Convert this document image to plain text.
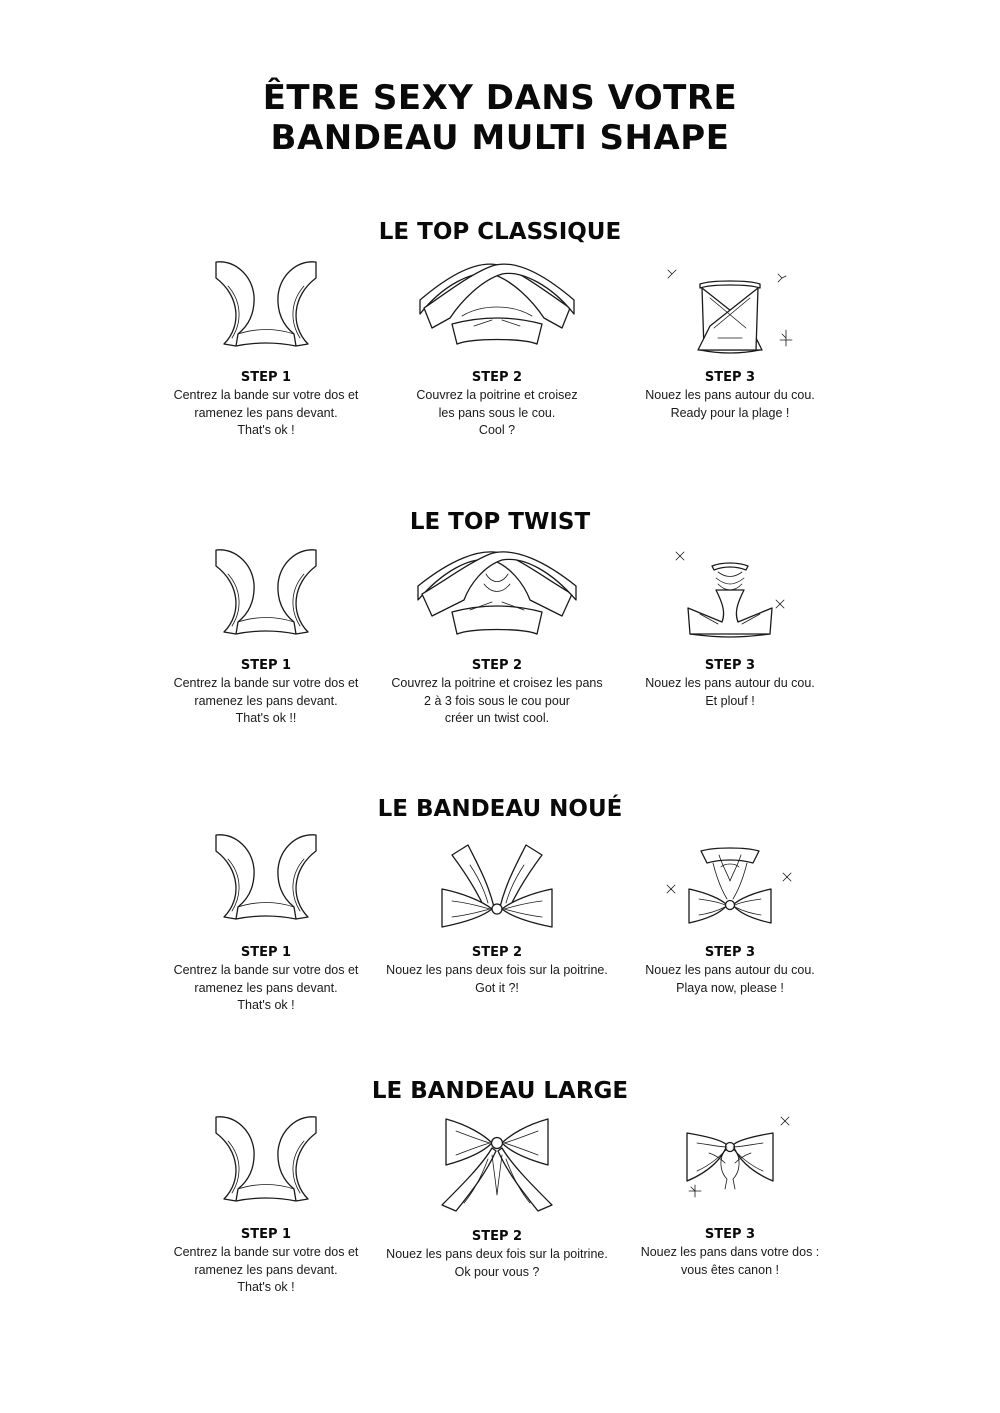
ÊTRE SEXY DANS VOTRE
BANDEAU MULTI SHAPE
LE TOP CLASSIQUE
STEP 1
Centrez la bande sur votre dos et
ramenez les pans devant.
That's ok !
STEP 2
Couvrez la poitrine et croisez
les pans sous le cou.
Cool ?
STEP 3
Nouez les pans autour du cou.
Ready pour la plage !
LE TOP TWIST
STEP 1
Centrez la bande sur votre dos et
ramenez les pans devant.
That's ok !!
STEP 2
Couvrez la poitrine et croisez les pans
2 à 3 fois sous le cou pour
créer un twist cool.
STEP 3
Nouez les pans autour du cou.
Et plouf !
LE BANDEAU NOUÉ
STEP 1
Centrez la bande sur votre dos et
ramenez les pans devant.
That's ok !
STEP 2
Nouez les pans deux fois sur la poitrine.
Got it ?!
STEP 3
Nouez les pans autour du cou.
Playa now, please !
LE BANDEAU LARGE
STEP 1
Centrez la bande sur votre dos et
ramenez les pans devant.
That's ok !
STEP 2
Nouez les pans deux fois sur la poitrine.
Ok pour vous ?
STEP 3
Nouez les pans dans votre dos :
vous êtes canon !
